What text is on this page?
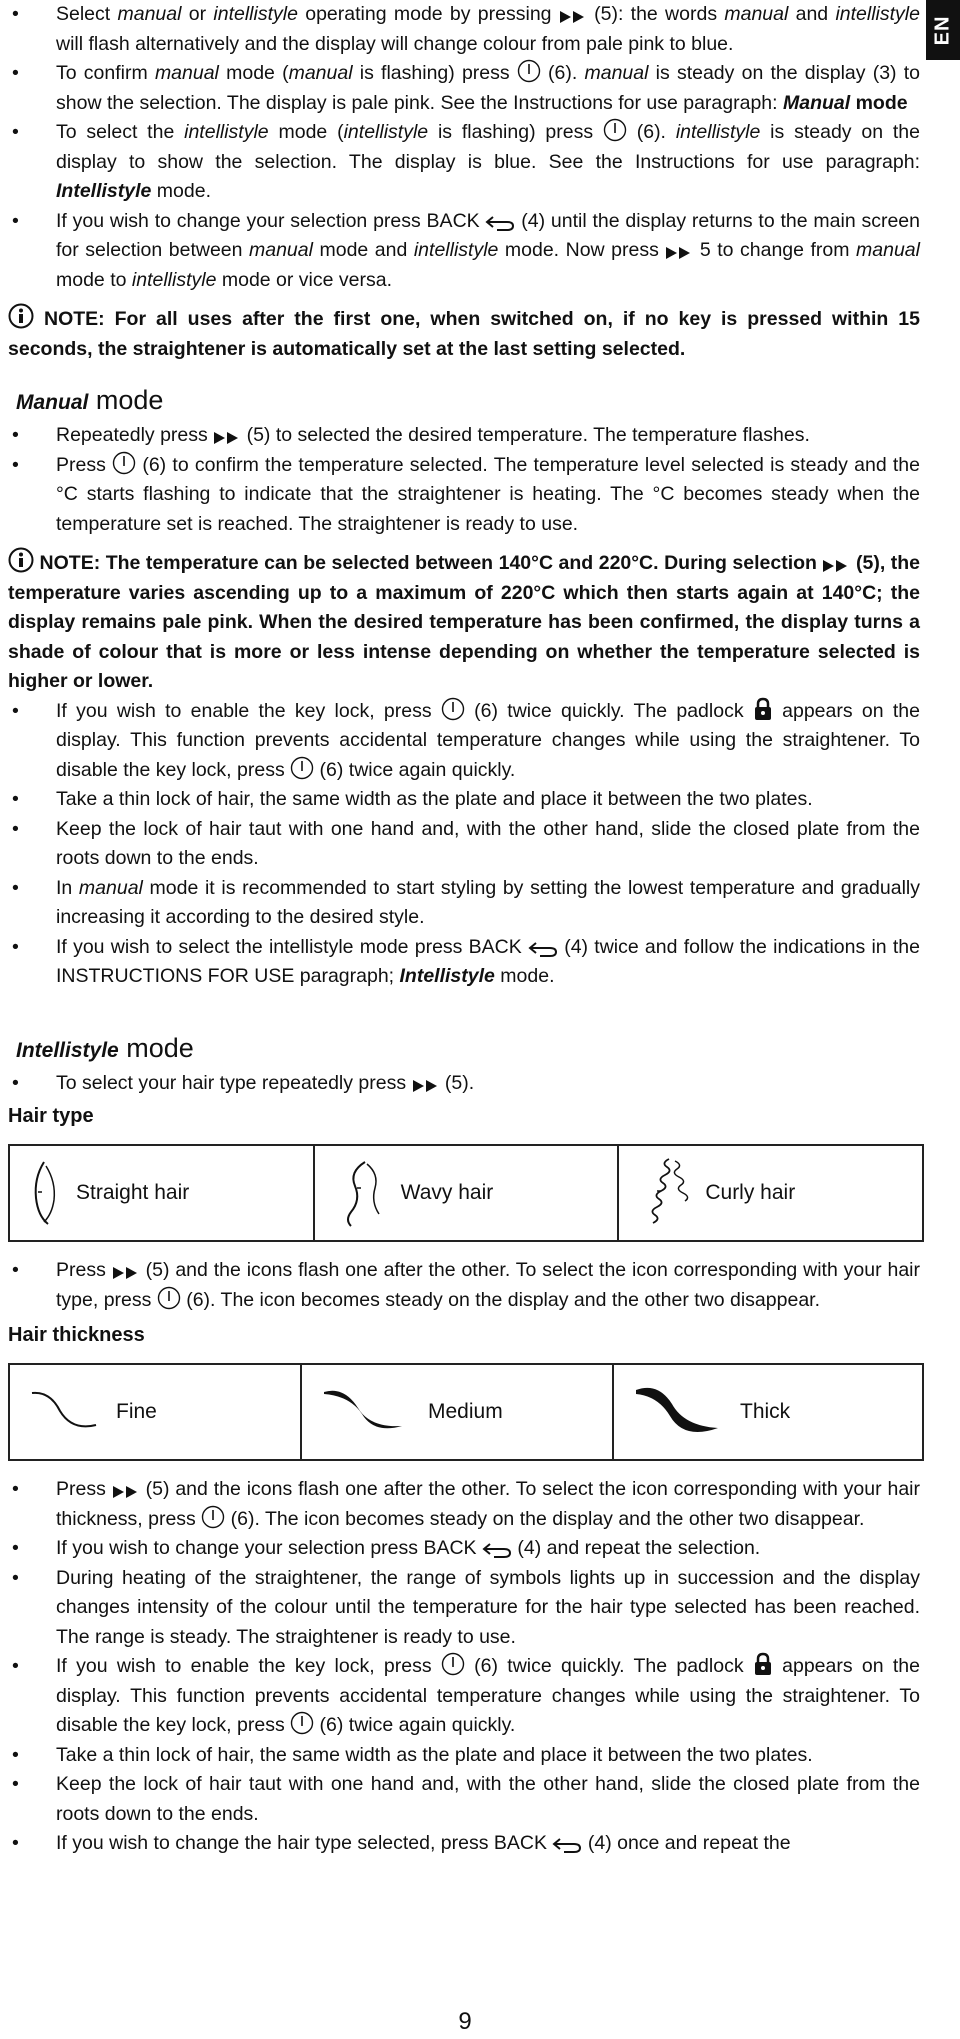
EN

• Select manual or intellistyle operating mode by pressing  (5): the words manual and intellistyle will flash alternatively and the display will change colour from pale pink to blue.

• To confirm manual mode (manual is flashing) press  (6). manual is steady on the display (3) to show the selection. The display is pale pink. See the Instructions for use paragraph: Manual mode

• To select the intellistyle mode (intellistyle is flashing) press  (6). intellistyle is steady on the display to show the selection. The display is blue. See the Instructions for use paragraph: Intellistyle mode.

• If you wish to change your selection press BACK  (4) until the display returns to the main screen for selection between manual mode and intellistyle mode. Now press  5 to change from manual mode to intellistyle mode or vice versa.

NOTE: For all uses after the first one, when switched on, if no key is pressed within 15 seconds, the straightener is automatically set at the last setting selected.

Manual mode

• Repeatedly press  (5) to selected the desired temperature. The temperature flashes.

• Press  (6) to confirm the temperature selected. The temperature level selected is steady and the °C starts flashing to indicate that the straightener is heating. The °C becomes steady when the temperature set is reached. The straightener is ready to use.

NOTE: The temperature can be selected between 140°C and 220°C. During selection  (5), the temperature varies ascending up to a maximum of 220°C which then starts again at 140°C; the display remains pale pink. When the desired temperature has been confirmed, the display turns a shade of colour that is more or less intense depending on whether the temperature selected is higher or lower.

• If you wish to enable the key lock, press  (6) twice quickly. The padlock  appears on the display. This function prevents accidental temperature changes while using the straightener. To disable the key lock, press  (6) twice again quickly.

• Take a thin lock of hair, the same width as the plate and place it between the two plates.

• Keep the lock of hair taut with one hand and, with the other hand, slide the closed plate from the roots down to the ends.

• In manual mode it is recommended to start styling by setting the lowest temperature and gradually increasing it according to the desired style.

• If you wish to select the intellistyle mode press BACK  (4) twice and follow the indications in the INSTRUCTIONS FOR USE paragraph; Intellistyle mode.

Intellistyle mode

• To select your hair type repeatedly press  (5).

Hair type
Straight hair	Wavy hair	Curly hair

• Press  (5) and the icons flash one after the other. To select the icon corresponding with your hair type, press  (6). The icon becomes steady on the display and the other two disappear.

Hair thickness
Fine	Medium	Thick

• Press  (5) and the icons flash one after the other. To select the icon corresponding with your hair thickness, press  (6). The icon becomes steady on the display and the other two disappear.

• If you wish to change your selection press BACK  (4) and repeat the selection.

• During heating of the straightener, the range of symbols lights up in succession and the display changes intensity of the colour until the temperature for the hair type selected has been reached. The range is steady. The straightener is ready to use.

• If you wish to enable the key lock, press  (6) twice quickly. The padlock  appears on the display. This function prevents accidental temperature changes while using the straightener. To disable the key lock, press  (6) twice again quickly.

• Take a thin lock of hair, the same width as the plate and place it between the two plates.

• Keep the lock of hair taut with one hand and, with the other hand, slide the closed plate from the roots down to the ends.

• If you wish to change the hair type selected, press BACK  (4) once and repeat the

9
